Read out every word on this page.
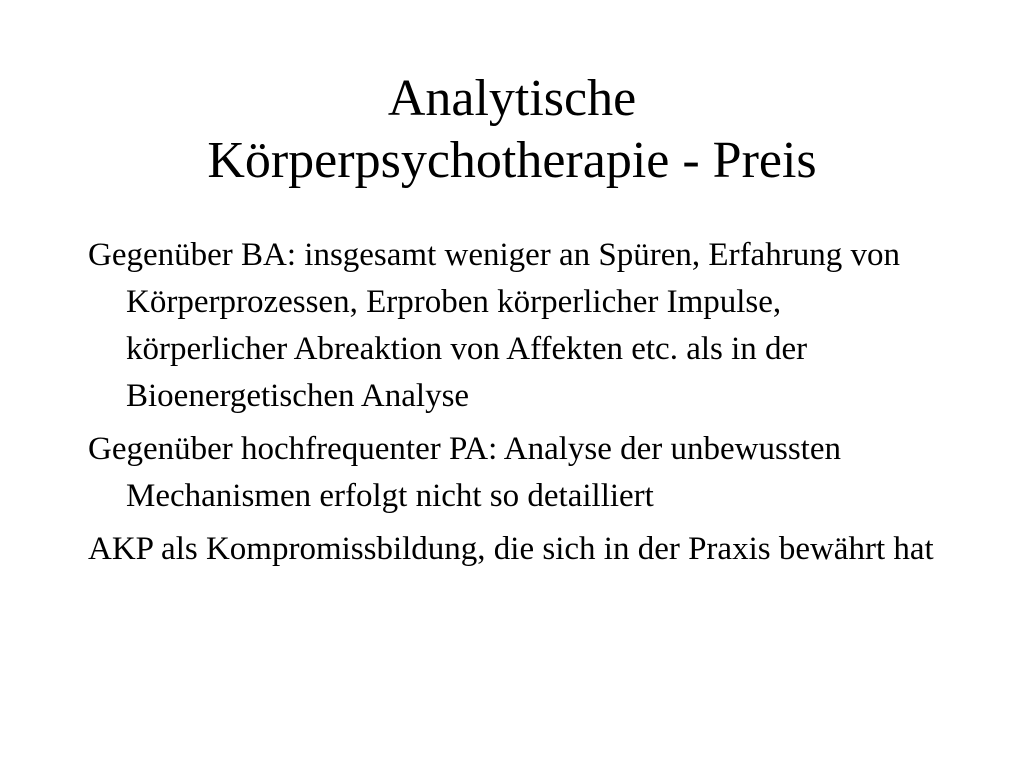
Analytische
Körperpsychotherapie - Preis
Gegenüber BA: insgesamt weniger an Spüren, Erfahrung von Körperprozessen, Erproben körperlicher Impulse, körperlicher Abreaktion von Affekten etc. als in der Bioenergetischen Analyse
Gegenüber hochfrequenter PA: Analyse der unbewussten Mechanismen erfolgt nicht so detailliert
AKP als Kompromissbildung, die sich in der Praxis bewährt hat
